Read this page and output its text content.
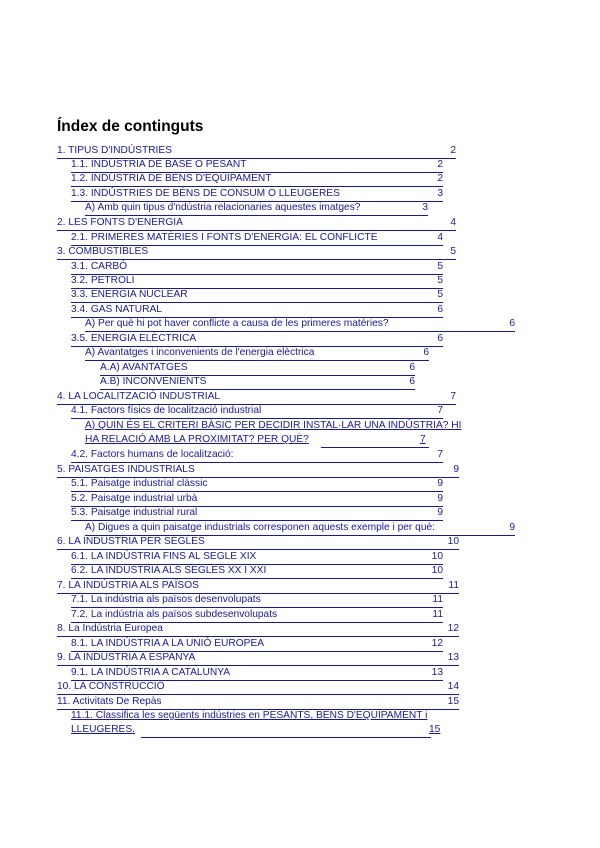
Índex de continguts
1. TIPUS D'INDÚSTRIES	2
1.1. INDÚSTRIA DE BASE O PESANT	2
1.2. INDÚSTRIA DE BÉNS D'EQUIPAMENT	2
1.3. INDÚSTRIES DE BÉNS DE CONSUM O LLEUGERES	3
A) Amb quin tipus d'ndústria relacionaries aquestes imatges?	3
2. LES FONTS D'ENERGIA	4
2.1. PRIMERES MATÈRIES I FONTS D'ENERGIA: EL CONFLICTE	4
3. COMBUSTIBLES	5
3.1. CARBÓ	5
3.2. PETROLI	5
3.3. ENERGIA NUCLEAR	5
3.4. GAS NATURAL	6
A) Per què hi pot haver conflicte a causa de les primeres matèries?	6
3.5. ENERGIA ELÈCTRICA	6
A) Avantatges i inconvenients de l'energia elèctrica	6
A.A) AVANTATGES	6
A.B) INCONVENIENTS	6
4. LA LOCALITZACIÓ INDUSTRIAL	7
4.1. Factors físics de localització industrial	7
A) QUIN ÉS EL CRITERI BÀSIC PER DECIDIR INSTAL·LAR UNA INDÚSTRIA? HI
HA RELACIÓ AMB LA PROXIMITAT? PER QUÈ?	7
4.2. Factors humans de localització:	7
5. PAISATGES INDUSTRIALS	9
5.1. Paisatge industrial clàssic	9
5.2. Paisatge industrial urbà	9
5.3. Paisatge industrial rural	9
A) Digues a quin paisatge industrials corresponen aquests exemple i per què:	9
6. LA INDÚSTRIA PER SEGLES	10
6.1. LA INDÚSTRIA FINS AL SEGLE XIX	10
6.2. LA INDÚSTRIA ALS SEGLES XX I XXI	10
7. LA INDÚSTRIA ALS PAÏSOS	11
7.1. La indústria als països desenvolupats	11
7.2. La indústria als països subdesenvolupats	11
8. La Indústria Europea	12
8.1. LA INDÚSTRIA A LA UNIÓ EUROPEA	12
9. LA INDÚSTRIA A ESPANYA	13
9.1. LA INDÚSTRIA A CATALUNYA	13
10. LA CONSTRUCCIÓ	14
11. Activitats De Repàs	15
11.1. Classifica les següents indústries en PESANTS, BÉNS D'EQUIPAMENT i
LLEUGERES.	15
